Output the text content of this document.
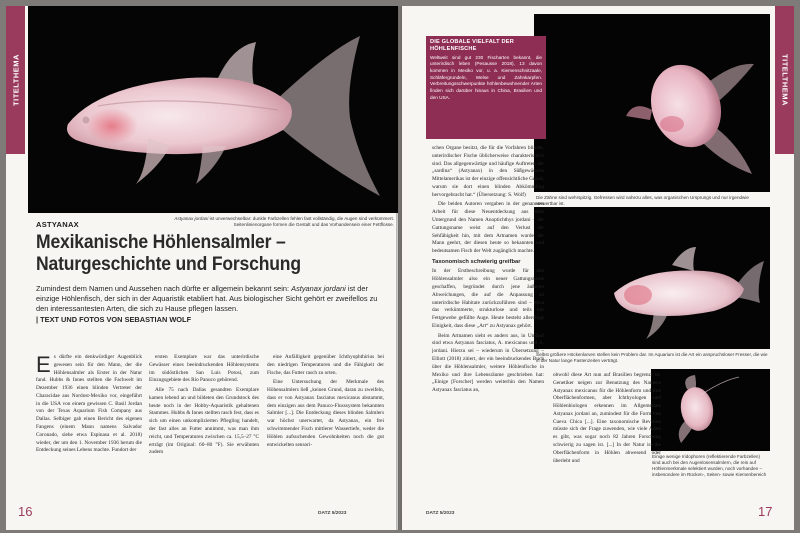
TITELTHEMA
Astyanax jordani ist unverwechselbar: dunkle Farbzellen fehlen fast vollständig, die Augen sind verkümmert. Seitenlinienorgane formen die Gestalt und das Vorhandensein einer Fettflosse.
ASTYANAX
Mexikanische Höhlensalmler – Naturgeschichte und Forschung
Zumindest dem Namen und Aussehen nach dürfte er allgemein bekannt sein: Astyanax jordani ist der einzige Höhlenfisch, der sich in der Aquaristik etabliert hat. Aus biologischer Sicht gehört er zweifellos zu den interessantesten Arten, die sich zu Hause pflegen lassen.
| TEXT UND FOTOS VON SEBASTIAN WOLF
Es dürfte ein denkwürdiger Augenblick gewesen sein für den Mann, der die Höhlensalmler als Erster in der Natur fand. Hubbs & Innes stellten die Fachwelt im Dezember 1936 einen blinden Vertreter der Characidae aus Nordost-Mexiko vor, eingeführt in die USA von einem gewissen C. Basil Jordan von der Texas Aquarium Fish Company aus Dallas. Selbiger gab einen Bericht des eigenen Fangens (einem Mann namens Salvador Coronado, siehe etwa Espinasa et al. 2018) wieder, der um den 1. November 1936 herum die Entdeckung seines Lebens machte. Fundort der

ersten Exemplare war das unterirdische Gewässer eines beeindruckenden Höhlensystems im südöstlichen San Luis Potosí, zum Einzugsgebiete des Río Panuco gehörend.

Alle 75 nach Dallas gesandten Exemplare kamen lebend an und bildeten den Grundstock des heute noch in der Hobby-Aquaristik gehaltenen Stammes. Hubbs & Innes stellten rasch fest, dass es sich um einen unkomplizierten Pflegling handelt, der fast alles an Futter annimmt, was man ihm reicht, und Temperaturen zwischen ca. 15,5–27 °C erträgt (im Original: 60–80 °F). Sie erwähnten zudem

eine Anfälligkeit gegenüber Ichthyophthirius bei den niedrigen Temperaturen und die Fähigkeit der Fische, das Futter rasch zu orten.

Eine Untersuchung der Merkmale des Höhensalmlers ließ „keinen Grund, daran zu zweifeln, dass er von Astyanax fasciatus mexicanus abstammt, dem einzigen aus dem Panuco-Flusssystem bekannten Salmler [...]. Die Entdeckung dieses blinden Salmlers war höchst unerwartet, da Astyanax, ein frei schwimmender Fisch mittlerer Wassertiefe, weder die Höhlen aufsuchenden Gewohnheiten noch die gut entwickelten sensori-

16	DATZ 5/2023
TITELTHEMA
Die Zähne sind wehrspitzig. Gefressen wird nahezu alles, was organischen Ursprungs und nur irgendwie verwertbar ist.
Selbst größere Höckenlarven stellen kein Problem dar. Im Aquarium ist die Art ein anspruchsloser Fresser, die wie in der Natur lange Fastenzeiten verträgt.
Einige wenige Iridophoren (reflektierende Farbzellen) sind auch bei den Augenlosensalmlern, die rein auf Höhlenmerkmale selektiert wurden, noch vorhanden – insbesondere im Rücken-, Seiten- sowie Kiemenbereich
DIE GLOBALE VIELFALT DER HÖHLENFISCHE

Weltweit sind gut 230 Fischarten bekannt, die unterirdisch leben (Pesausse 2018), 13 davon kommen in Mexiko vor, u. a. Kiemenschnitzaale, Schläfergrundeln, Welse und Zahnkarpfen. Verbreitungsschwerpunkte höhlenbewohnender Arten finden sich darüber hinaus in China, Brasilien und den USA.

schen Organe besitzt, die für die Vorfahren blinder, unterirdischer Fische üblicherweise charakteristisch sind. Das allgegenwärtige und häufige Auftreten der „sardina“ (Astyanax) in den Süßgewässern Mittelamerikas ist der einzige offensichtliche Grund, warum sie dort einen blinden Abkömmling hervorgebracht hat.“ (Übersetzung: S. Wolf)

Die beiden Autoren vergaben in der genannten Arbeit für diese Neuentdeckung aus dem Untergrund den Namen Anoptichthys jordani – der Gattungsname weist auf den Verlust der Sehfähigkeit hin, mit dem Artnamen wurde der Mann geehrt, der diesen heute so bekannten und bedeutsamen Fisch der Welt zugänglich machte.

Taxonomisch schwierig greifbar

In der Erstbeschreibung wurde für den Höhlensalmler also ein neuer Gattungsname geschaffen, begründet durch jene äußeren Abweichungen, die auf die Anpassung an unterirdische Habitate zurückzuführen sind – etwa das verkümmerte, strukturlose und teils mit Fettgewebe gefüllte Auge. Heute besteht allerdings Einigkeit, dass diese „Art“ zu Astyanax gehört.

Beim Artnamen sieht es anders aus, in Umlauf sind etwa Astyanax fasciatus, A. mexicanus und A. jordani. Hierzu sei – wiederum in Übersetzung – Elliott (2018) zitiert, der ein beeindruckendes Buch über die Höhlensalmler, weitere Höhlenfische in Mexiko und ihre Lebensräume geschrieben hat: „Einige [Forscher] werden weiterhin den Namen Astyanax fasciatus an,

obwohl diese Art nun auf Brasilien begrenzt ist. Genetiker neigen zur Benutzung des Namens Astyanax mexicanus für die Höhlenform und ihre Oberflächenformen, aber Ichthyologen und Höhlenbiologen erkennen im Allgemeinen Astyanax jordani an, zumindest für die Form von Cueva Chica [...]. Eine taxonomische Revision müsste sich der Frage zuwenden, wie viele Arten es gibt, was sogar noch 82 Jahren Forschung schwierig zu sagen ist. [...] In der Natur ist die Oberflächenform in Höhlen abwesend oder überlebt und

DATZ 5/2023	17
